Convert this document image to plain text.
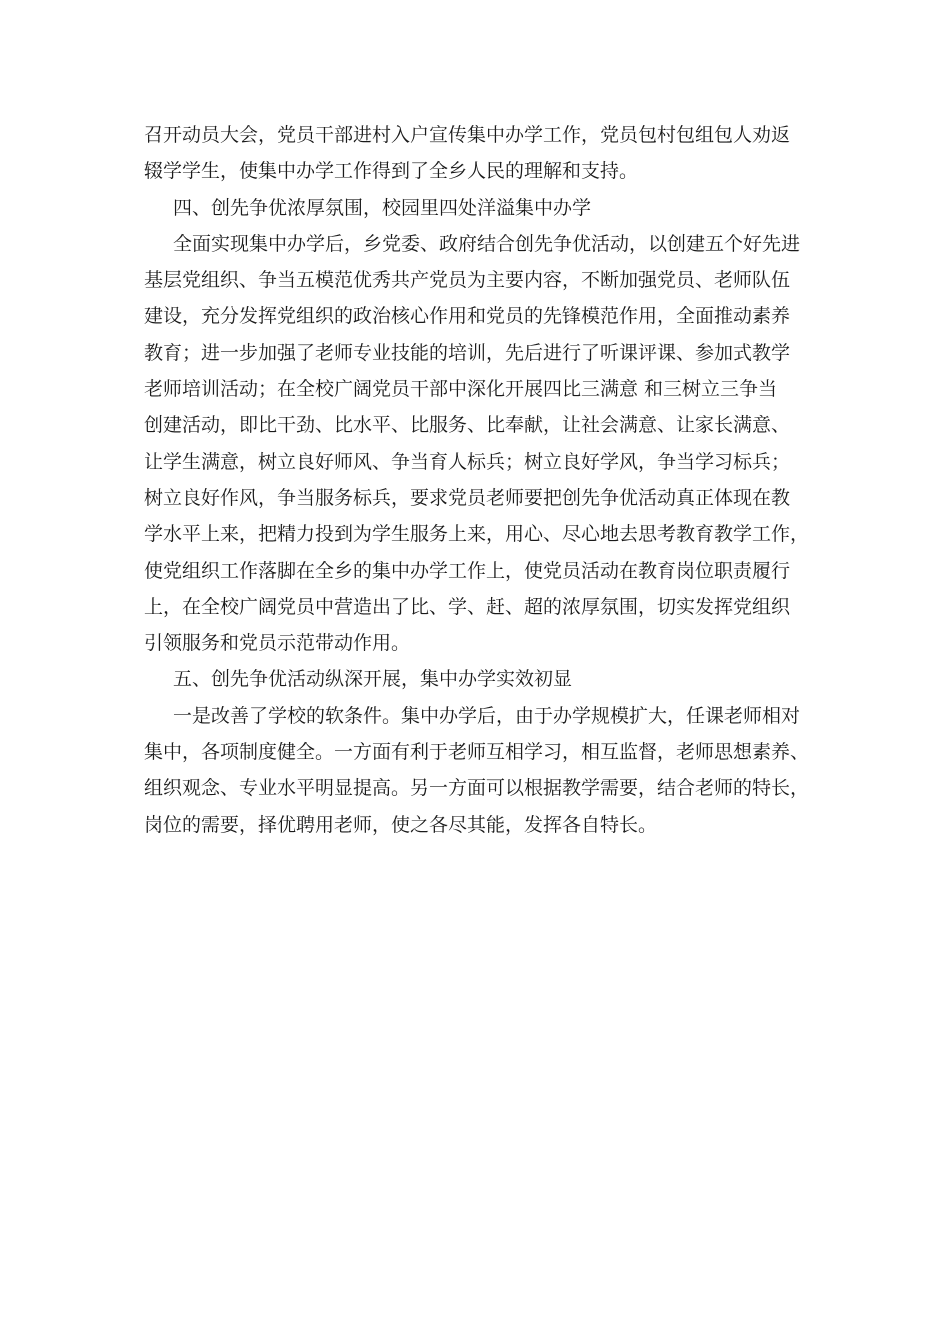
召开动员大会，党员干部进村入户宣传集中办学工作，党员包村包组包人劝返
辍学学生，使集中办学工作得到了全乡人民的理解和支持。
四、创先争优浓厚氛围，校园里四处洋溢集中办学
全面实现集中办学后，乡党委、政府结合创先争优活动，以创建五个好先进
基层党组织、争当五模范优秀共产党员为主要内容，不断加强党员、老师队伍
建设，充分发挥党组织的政治核心作用和党员的先锋模范作用，全面推动素养
教育；进一步加强了老师专业技能的培训，先后进行了听课评课、参加式教学
老师培训活动；在全校广阔党员干部中深化开展四比三满意 和三树立三争当
创建活动，即比干劲、比水平、比服务、比奉献，让社会满意、让家长满意、
让学生满意，树立良好师风、争当育人标兵；树立良好学风，争当学习标兵；
树立良好作风，争当服务标兵，要求党员老师要把创先争优活动真正体现在教
学水平上来，把精力投到为学生服务上来，用心、尽心地去思考教育教学工作，
使党组织工作落脚在全乡的集中办学工作上，使党员活动在教育岗位职责履行
上，在全校广阔党员中营造出了比、学、赶、超的浓厚氛围，切实发挥党组织
引领服务和党员示范带动作用。
五、创先争优活动纵深开展，集中办学实效初显
一是改善了学校的软条件。集中办学后，由于办学规模扩大，任课老师相对
集中，各项制度健全。一方面有利于老师互相学习，相互监督，老师思想素养、
组织观念、专业水平明显提高。另一方面可以根据教学需要，结合老师的特长，
岗位的需要，择优聘用老师，使之各尽其能，发挥各自特长。
